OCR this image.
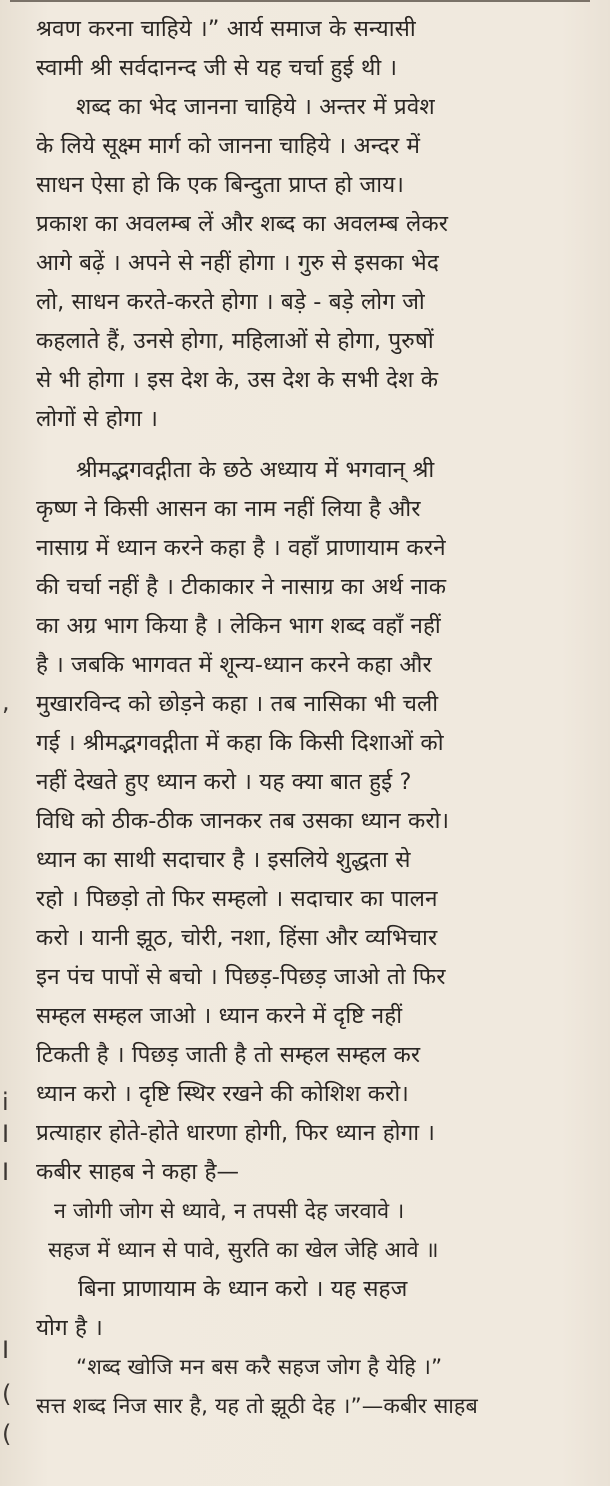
,
i
I
I
I
(
(
श्रवण करना चाहिये ।” आर्य समाज के सन्यासी
स्वामी श्री सर्वदानन्द जी से यह चर्चा हुई थी ।
शब्द का भेद जानना चाहिये । अन्तर में प्रवेश
के लिये सूक्ष्म मार्ग को जानना चाहिये । अन्दर में
साधन ऐसा हो कि एक बिन्दुता प्राप्त हो जाय।
प्रकाश का अवलम्ब लें और शब्द का अवलम्ब लेकर
आगे बढ़ें । अपने से नहीं होगा । गुरु से इसका भेद
लो, साधन करते-करते होगा । बड़े - बड़े लोग जो
कहलाते हैं, उनसे होगा, महिलाओं से होगा, पुरुषों
से भी होगा । इस देश के, उस देश के सभी देश के
लोगों से होगा ।
श्रीमद्भगवद्गीता के छठे अध्याय में भगवान् श्री
कृष्ण ने किसी आसन का नाम नहीं लिया है और
नासाग्र में ध्यान करने कहा है । वहाँ प्राणायाम करने
की चर्चा नहीं है । टीकाकार ने नासाग्र का अर्थ नाक
का अग्र भाग किया है । लेकिन भाग शब्द वहाँ नहीं
है । जबकि भागवत में शून्य-ध्यान करने कहा और
मुखारविन्द को छोड़ने कहा । तब नासिका भी चली
गई । श्रीमद्भगवद्गीता में कहा कि किसी दिशाओं को
नहीं देखते हुए ध्यान करो । यह क्या बात हुई ?
विधि को ठीक-ठीक जानकर तब उसका ध्यान करो।
ध्यान का साथी सदाचार है । इसलिये शुद्धता से
रहो । पिछड़ो तो फिर सम्हलो । सदाचार का पालन
करो । यानी झूठ, चोरी, नशा, हिंसा और व्यभिचार
इन पंच पापों से बचो । पिछड़-पिछड़ जाओ तो फिर
सम्हल सम्हल जाओ । ध्यान करने में दृष्टि नहीं
टिकती है । पिछड़ जाती है तो सम्हल सम्हल कर
ध्यान करो । दृष्टि स्थिर रखने की कोशिश करो।
प्रत्याहार होते-होते धारणा होगी, फिर ध्यान होगा ।
कबीर साहब ने कहा है—
न जोगी जोग से ध्यावे, न तपसी देह जरवावे ।
सहज में ध्यान से पावे, सुरति का खेल जेहि आवे ॥
बिना प्राणायाम के ध्यान करो । यह सहज
योग है ।
“शब्द खोजि मन बस करै सहज जोग है येहि ।”
सत्त शब्द निज सार है, यह तो झूठी देह ।”—कबीर साहब
